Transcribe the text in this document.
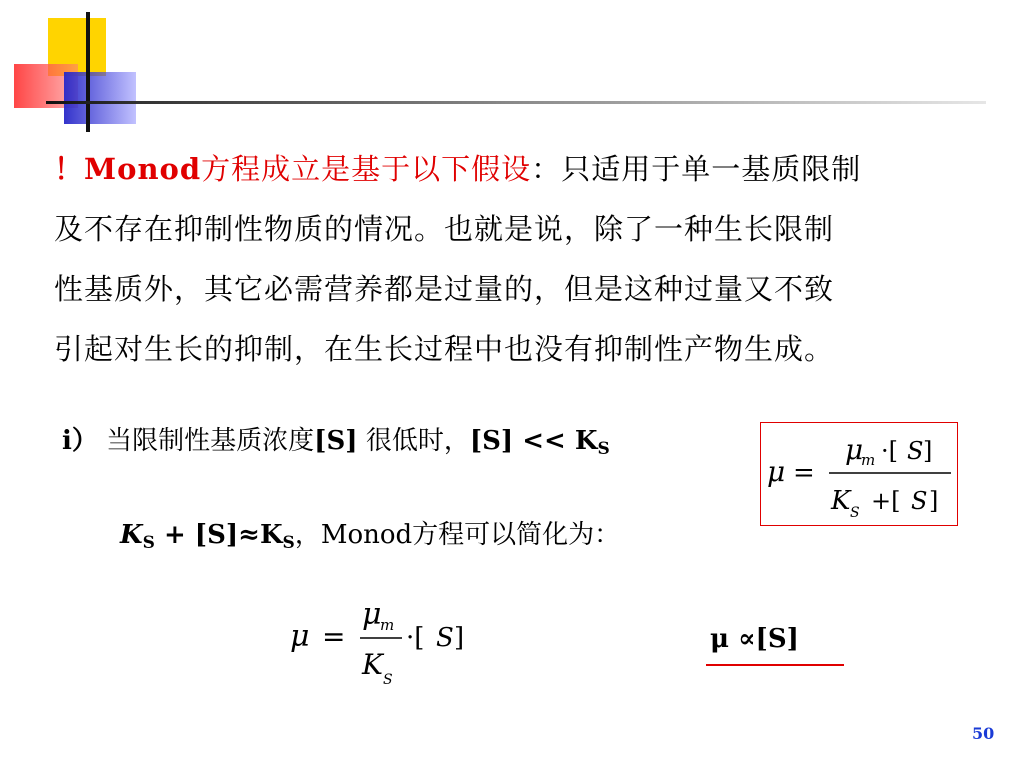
！Monod方程成立是基于以下假设：只适用于单一基质限制
及不存在抑制性物质的情况。也就是说，除了一种生长限制
性基质外，其它必需营养都是过量的，但是这种过量又不致
引起对生长的抑制，在生长过程中也没有抑制性产物生成。
i） 当限制性基质浓度[S] 很低时，$[S] << K_S$
$K_S + [S]\approx K_S$，Monod方程可以简化为：
μ =
μ
m ·[ S ]
K S +[ S ]
μ =
μ
m
K S
·[ S ]	μ ∝[S]
50
